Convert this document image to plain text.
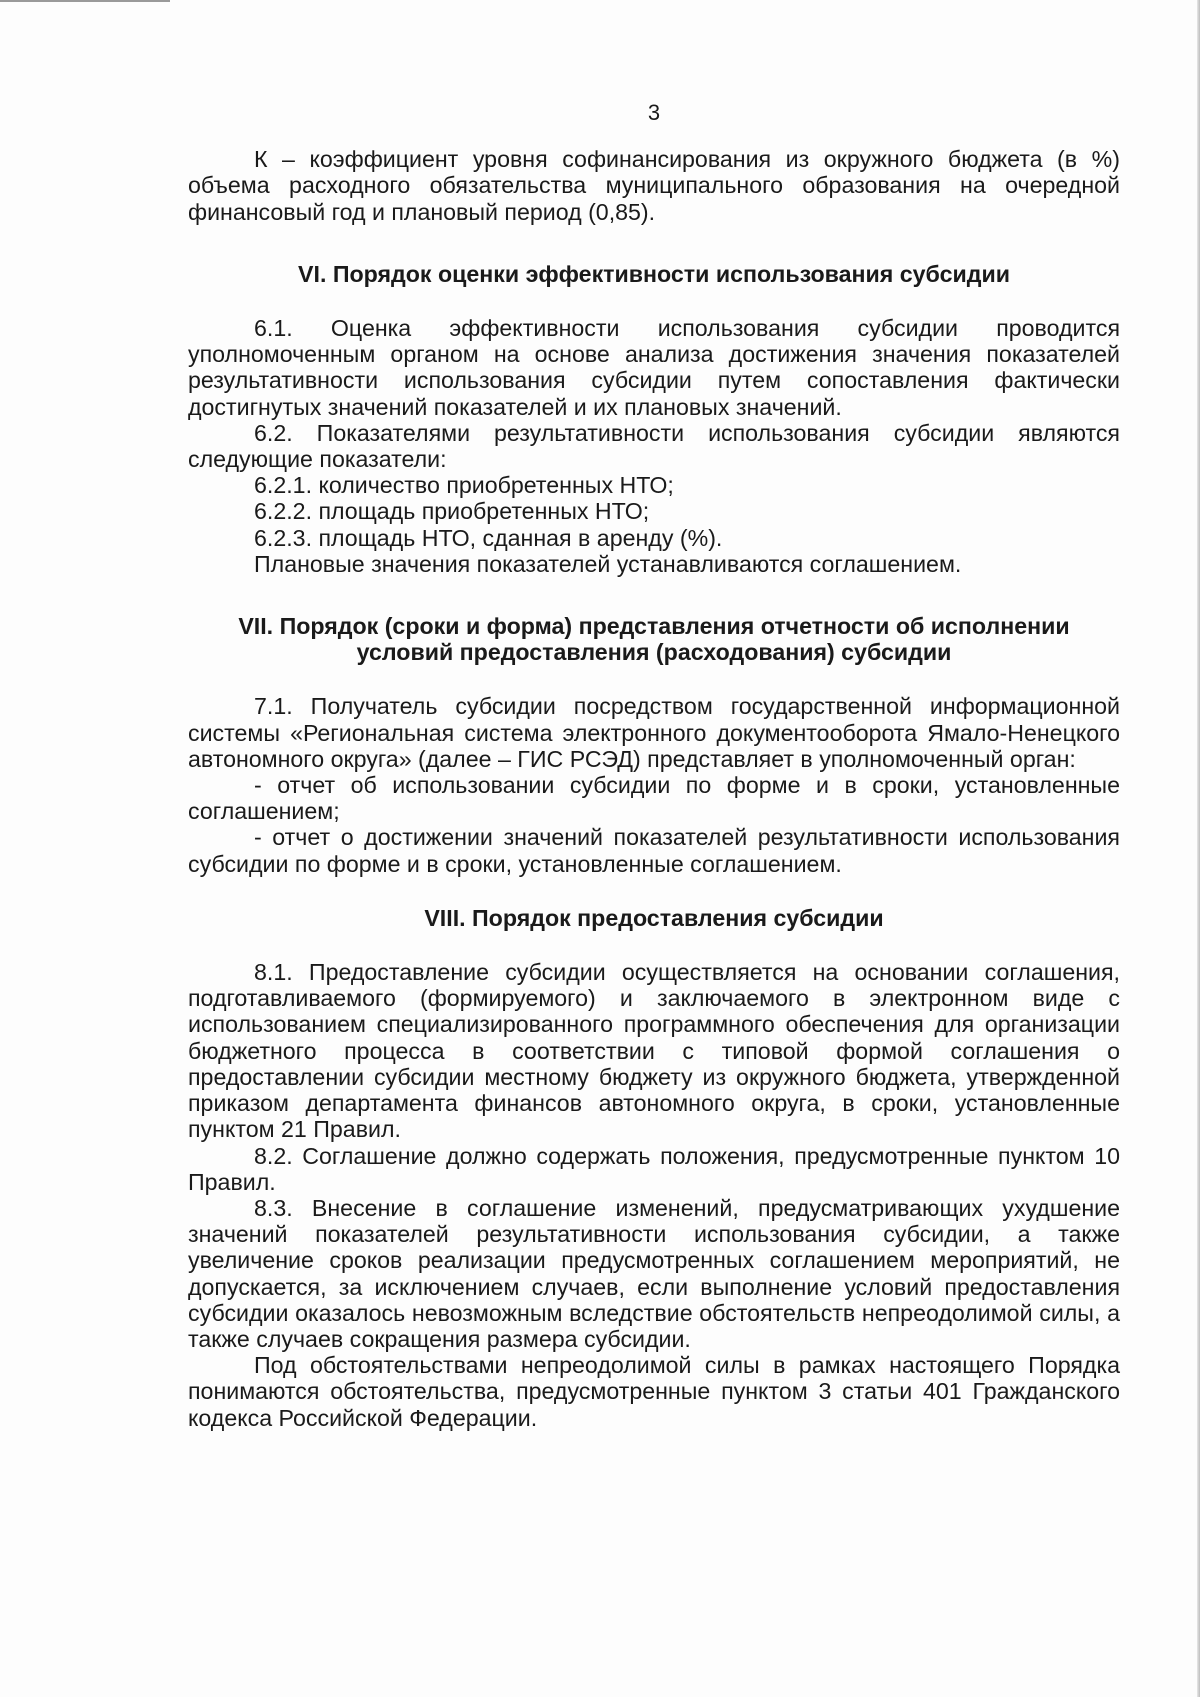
3

К – коэффициент уровня софинансирования из окружного бюджета (в %) объема расходного обязательства муниципального образования на очередной финансовый год и плановый период (0,85).

VI. Порядок оценки эффективности использования субсидии

6.1. Оценка эффективности использования субсидии проводится уполномоченным органом на основе анализа достижения значения показателей результативности использования субсидии путем сопоставления фактически достигнутых значений показателей и их плановых значений.

6.2. Показателями результативности использования субсидии являются следующие показатели:

6.2.1. количество приобретенных НТО;

6.2.2. площадь приобретенных НТО;

6.2.3. площадь НТО, сданная в аренду (%).

Плановые значения показателей устанавливаются соглашением.

VII. Порядок (сроки и форма) представления отчетности об исполнении
условий предоставления (расходования) субсидии

7.1. Получатель субсидии посредством государственной информационной системы «Региональная система электронного документооборота Ямало-Ненецкого автономного округа» (далее – ГИС РСЭД) представляет в уполномоченный орган:

- отчет об использовании субсидии по форме и в сроки, установленные соглашением;

- отчет о достижении значений показателей результативности использования субсидии по форме и в сроки, установленные соглашением.

VIII. Порядок предоставления субсидии

8.1. Предоставление субсидии осуществляется на основании соглашения, подготавливаемого (формируемого) и заключаемого в электронном виде с использованием специализированного программного обеспечения для организации бюджетного процесса в соответствии с типовой формой соглашения о предоставлении субсидии местному бюджету из окружного бюджета, утвержденной приказом департамента финансов автономного округа, в сроки, установленные пунктом 21 Правил.

8.2. Соглашение должно содержать положения, предусмотренные пунктом 10 Правил.

8.3. Внесение в соглашение изменений, предусматривающих ухудшение значений показателей результативности использования субсидии, а также увеличение сроков реализации предусмотренных соглашением мероприятий, не допускается, за исключением случаев, если выполнение условий предоставления субсидии оказалось невозможным вследствие обстоятельств непреодолимой силы, а также случаев сокращения размера субсидии.

Под обстоятельствами непреодолимой силы в рамках настоящего Порядка понимаются обстоятельства, предусмотренные пунктом 3 статьи 401 Гражданского кодекса Российской Федерации.
